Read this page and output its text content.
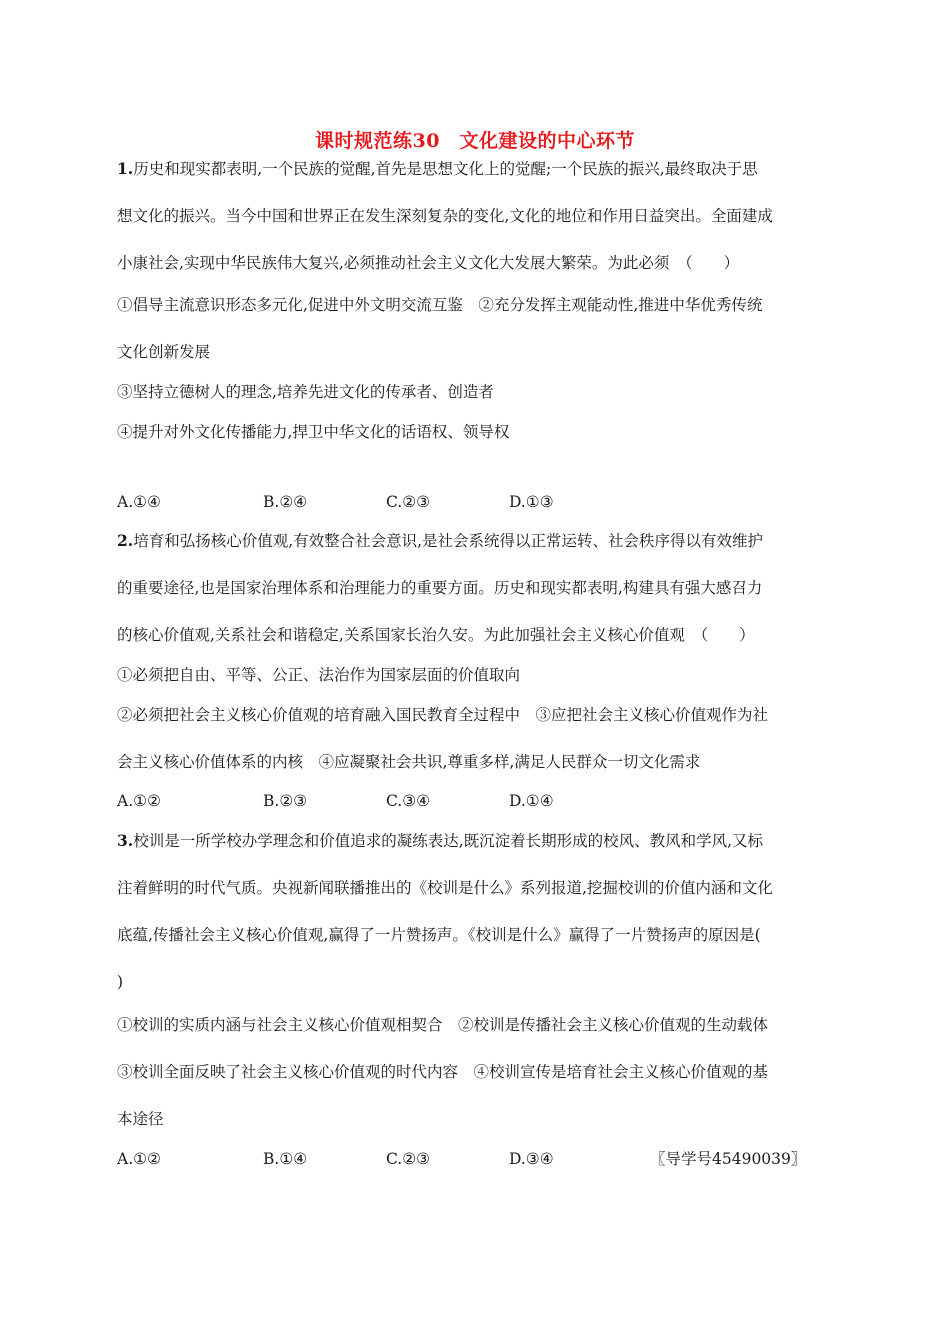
课时规范练30　文化建设的中心环节
1.历史和现实都表明,一个民族的觉醒,首先是思想文化上的觉醒;一个民族的振兴,最终取决于思
想文化的振兴。当今中国和世界正在发生深刻复杂的变化,文化的地位和作用日益突出。全面建成
小康社会,实现中华民族伟大复兴,必须推动社会主义文化大发展大繁荣。为此必须　（　　）
①倡导主流意识形态多元化,促进中外文明交流互鉴　②充分发挥主观能动性,推进中华优秀传统
文化创新发展
③坚持立德树人的理念,培养先进文化的传承者、创造者
④提升对外文化传播能力,捍卫中华文化的话语权、领导权
A.①④	B.②④	C.②③	D.①③
2.培育和弘扬核心价值观,有效整合社会意识,是社会系统得以正常运转、社会秩序得以有效维护
的重要途径,也是国家治理体系和治理能力的重要方面。历史和现实都表明,构建具有强大感召力
的核心价值观,关系社会和谐稳定,关系国家长治久安。为此加强社会主义核心价值观　（　　）
①必须把自由、平等、公正、法治作为国家层面的价值取向
②必须把社会主义核心价值观的培育融入国民教育全过程中　③应把社会主义核心价值观作为社
会主义核心价值体系的内核　④应凝聚社会共识,尊重多样,满足人民群众一切文化需求
A.①②	B.②③	C.③④	D.①④
3.校训是一所学校办学理念和价值追求的凝练表达,既沉淀着长期形成的校风、教风和学风,又标
注着鲜明的时代气质。央视新闻联播推出的《校训是什么》系列报道,挖掘校训的价值内涵和文化
底蕴,传播社会主义核心价值观,赢得了一片赞扬声。《校训是什么》赢得了一片赞扬声的原因是(
)
①校训的实质内涵与社会主义核心价值观相契合　②校训是传播社会主义核心价值观的生动载体
③校训全面反映了社会主义核心价值观的时代内容　④校训宣传是培育社会主义核心价值观的基
本途径
A.①②	B.①④	C.②③	D.③④	〖导学号45490039〗
